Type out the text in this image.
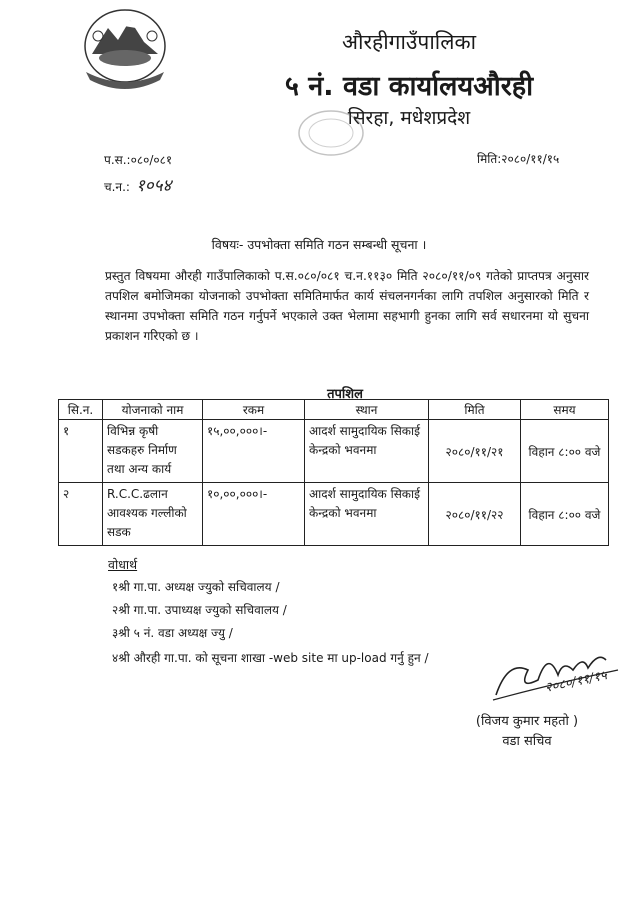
औरहीगाउँपालिका
५ नं. वडा कार्यालयऔरही
सिरहा, मधेशप्रदेश
प.स.:०८०/०८१
च.न.: १०५४
मिति:२०८०/११/१५
विषयः- उपभोक्ता समिति गठन सम्बन्धी सूचना ।
प्रस्तुत विषयमा औरही गाउँपालिकाको प.स.०८०/०८१ च.न.११३० मिति २०८०/११/०९ गतेको प्राप्तपत्र अनुसार तपशिल बमोजिमका योजनाको उपभोक्ता समितिमार्फत कार्य संचलनगर्नका लागि तपशिल अनुसारको मिति र स्थानमा उपभोक्ता समिति गठन गर्नुपर्ने भएकाले उक्त भेलामा सहभागी हुनका लागि सर्व सधारनमा यो सुचना प्रकाशन गरिएको छ ।
तपशिल
सि.न.	योजनाको नाम	रकम	स्थान	मिति	समय
१	विभिन्न कृषी सडकहरु निर्माण तथा अन्य कार्य	१५,००,०००।-	आदर्श सामुदायिक सिकाई केन्द्रको भवनमा	२०८०/११/२१	विहान ८:०० वजे
२	R.C.C.ढलान आवश्यक गल्लीको सडक	१०,००,०००।-	आदर्श सामुदायिक सिकाई केन्द्रको भवनमा	२०८०/११/२२	विहान ८:०० वजे
वोधार्थ
१श्री गा.पा. अध्यक्ष ज्युको सचिवालय /
२श्री गा.पा. उपाध्यक्ष ज्युको सचिवालय /
३श्री ५ नं. वडा अध्यक्ष ज्यु /
४श्री औरही गा.पा. को सूचना शाखा -web site मा up-load गर्नु हुन /
२०८०/११/१५
(विजय कुमार महतो )
वडा सचिव
